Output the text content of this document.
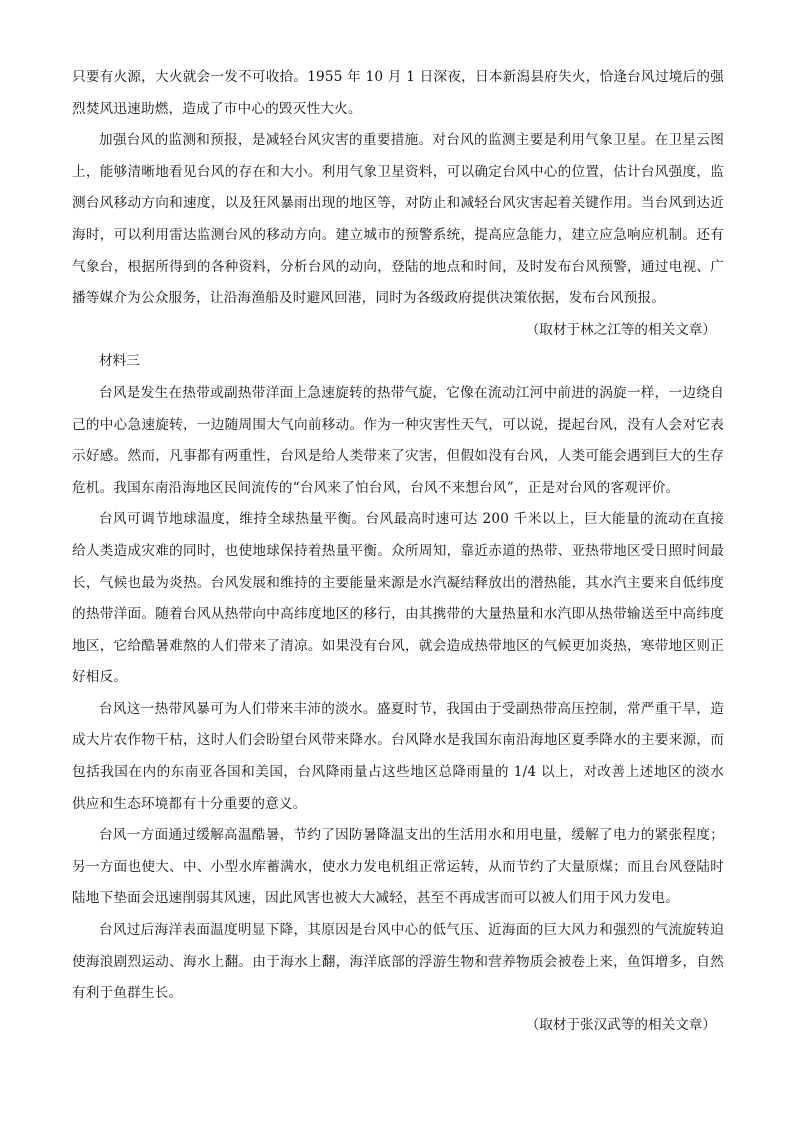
只要有火源，大火就会一发不可收拾。1955 年 10 月 1 日深夜，日本新潟县府失火，恰逢台风过境后的强烈焚风迅速助燃，造成了市中心的毁灭性大火。

加强台风的监测和预报，是减轻台风灾害的重要措施。对台风的监测主要是利用气象卫星。在卫星云图上，能够清晰地看见台风的存在和大小。利用气象卫星资料，可以确定台风中心的位置，估计台风强度，监测台风移动方向和速度，以及狂风暴雨出现的地区等，对防止和减轻台风灾害起着关键作用。当台风到达近海时，可以利用雷达监测台风的移动方向。建立城市的预警系统，提高应急能力，建立应急响应机制。还有气象台，根据所得到的各种资料，分析台风的动向，登陆的地点和时间，及时发布台风预警，通过电视、广播等媒介为公众服务，让沿海渔船及时避风回港，同时为各级政府提供决策依据，发布台风预报。

（取材于林之江等的相关文章）

材料三

台风是发生在热带或副热带洋面上急速旋转的热带气旋，它像在流动江河中前进的涡旋一样，一边绕自己的中心急速旋转，一边随周围大气向前移动。作为一种灾害性天气，可以说，提起台风，没有人会对它表示好感。然而，凡事都有两重性，台风是给人类带来了灾害，但假如没有台风，人类可能会遇到巨大的生存危机。我国东南沿海地区民间流传的“台风来了怕台风，台风不来想台风”，正是对台风的客观评价。

台风可调节地球温度，维持全球热量平衡。台风最高时速可达 200 千米以上，巨大能量的流动在直接给人类造成灾难的同时，也使地球保持着热量平衡。众所周知，靠近赤道的热带、亚热带地区受日照时间最长，气候也最为炎热。台风发展和维持的主要能量来源是水汽凝结释放出的潜热能，其水汽主要来自低纬度的热带洋面。随着台风从热带向中高纬度地区的移行，由其携带的大量热量和水汽即从热带输送至中高纬度地区，它给酷暑难熬的人们带来了清凉。如果没有台风，就会造成热带地区的气候更加炎热，寒带地区则正好相反。

台风这一热带风暴可为人们带来丰沛的淡水。盛夏时节，我国由于受副热带高压控制，常严重干旱，造成大片农作物干枯，这时人们会盼望台风带来降水。台风降水是我国东南沿海地区夏季降水的主要来源，而包括我国在内的东南亚各国和美国，台风降雨量占这些地区总降雨量的 1/4 以上，对改善上述地区的淡水供应和生态环境都有十分重要的意义。

台风一方面通过缓解高温酷暑，节约了因防暑降温支出的生活用水和用电量，缓解了电力的紧张程度；另一方面也使大、中、小型水库蓄满水，使水力发电机组正常运转，从而节约了大量原煤；而且台风登陆时陆地下垫面会迅速削弱其风速，因此风害也被大大减轻，甚至不再成害而可以被人们用于风力发电。

台风过后海洋表面温度明显下降，其原因是台风中心的低气压、近海面的巨大风力和强烈的气流旋转迫使海浪剧烈运动、海水上翻。由于海水上翻，海洋底部的浮游生物和营养物质会被卷上来，鱼饵增多，自然有利于鱼群生长。

（取材于张汉武等的相关文章）
